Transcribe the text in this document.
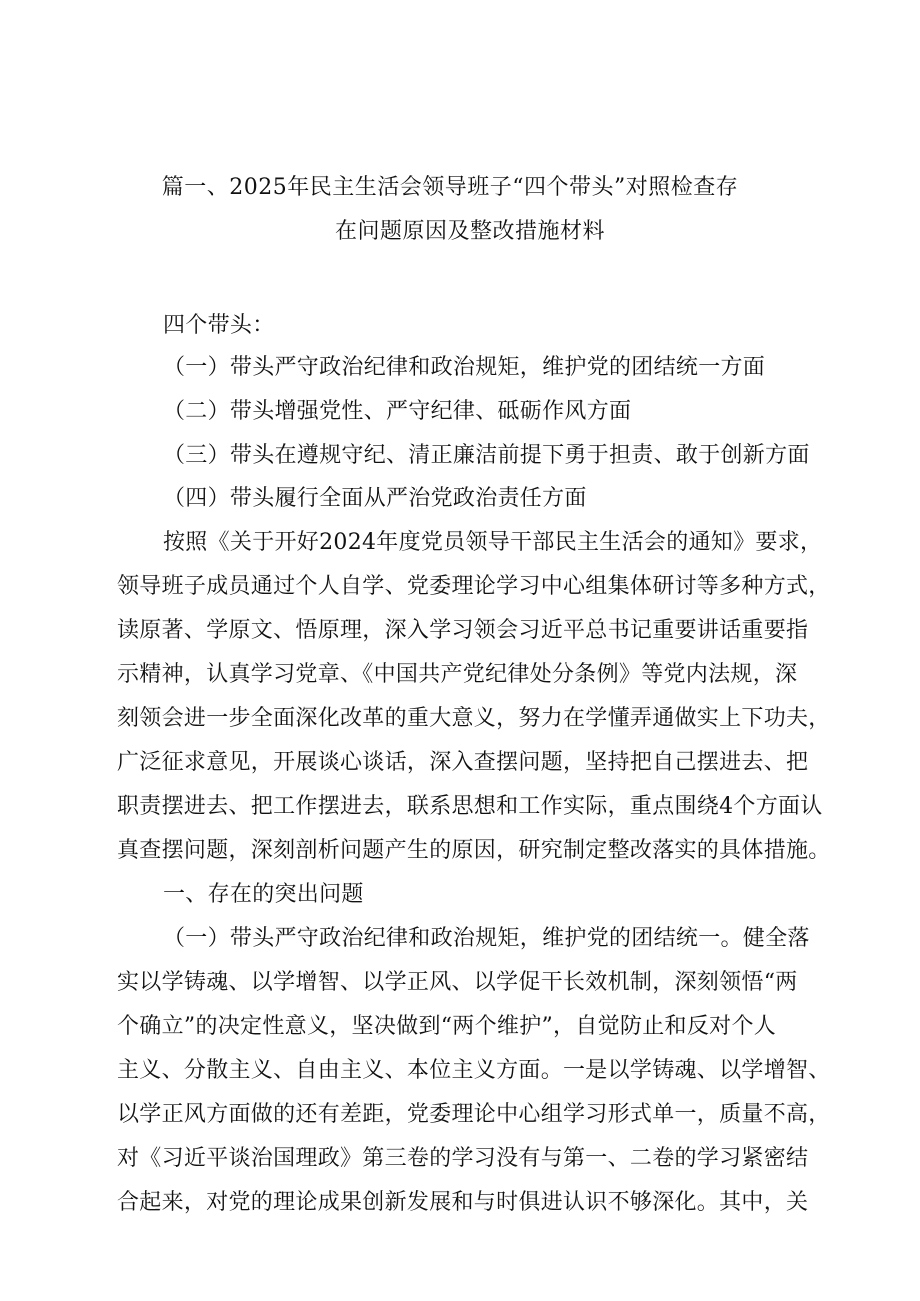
篇一、2025年民主生活会领导班子“四个带头”对照检查存
在问题原因及整改措施材料
四个带头：
（一）带头严守政治纪律和政治规矩，维护党的团结统一方面
（二）带头增强党性、严守纪律、砥砺作风方面
（三）带头在遵规守纪、清正廉洁前提下勇于担责、敢于创新方面
（四）带头履行全面从严治党政治责任方面
按照《关于开好2024年度党员领导干部民主生活会的通知》要求，
领导班子成员通过个人自学、党委理论学习中心组集体研讨等多种方式，
读原著、学原文、悟原理，深入学习领会习近平总书记重要讲话重要指
示精神，认真学习党章、《中国共产党纪律处分条例》等党内法规，深
刻领会进一步全面深化改革的重大意义，努力在学懂弄通做实上下功夫，
广泛征求意见，开展谈心谈话，深入查摆问题，坚持把自己摆进去、把
职责摆进去、把工作摆进去，联系思想和工作实际，重点围绕4个方面认
真查摆问题，深刻剖析问题产生的原因，研究制定整改落实的具体措施。
一、存在的突出问题
（一）带头严守政治纪律和政治规矩，维护党的团结统一。健全落
实以学铸魂、以学增智、以学正风、以学促干长效机制，深刻领悟“两
个确立”的决定性意义，坚决做到“两个维护”，自觉防止和反对个人
主义、分散主义、自由主义、本位主义方面。一是以学铸魂、以学增智、
以学正风方面做的还有差距，党委理论中心组学习形式单一，质量不高，
对《习近平谈治国理政》第三卷的学习没有与第一、二卷的学习紧密结
合起来，对党的理论成果创新发展和与时俱进认识不够深化。其中，关
